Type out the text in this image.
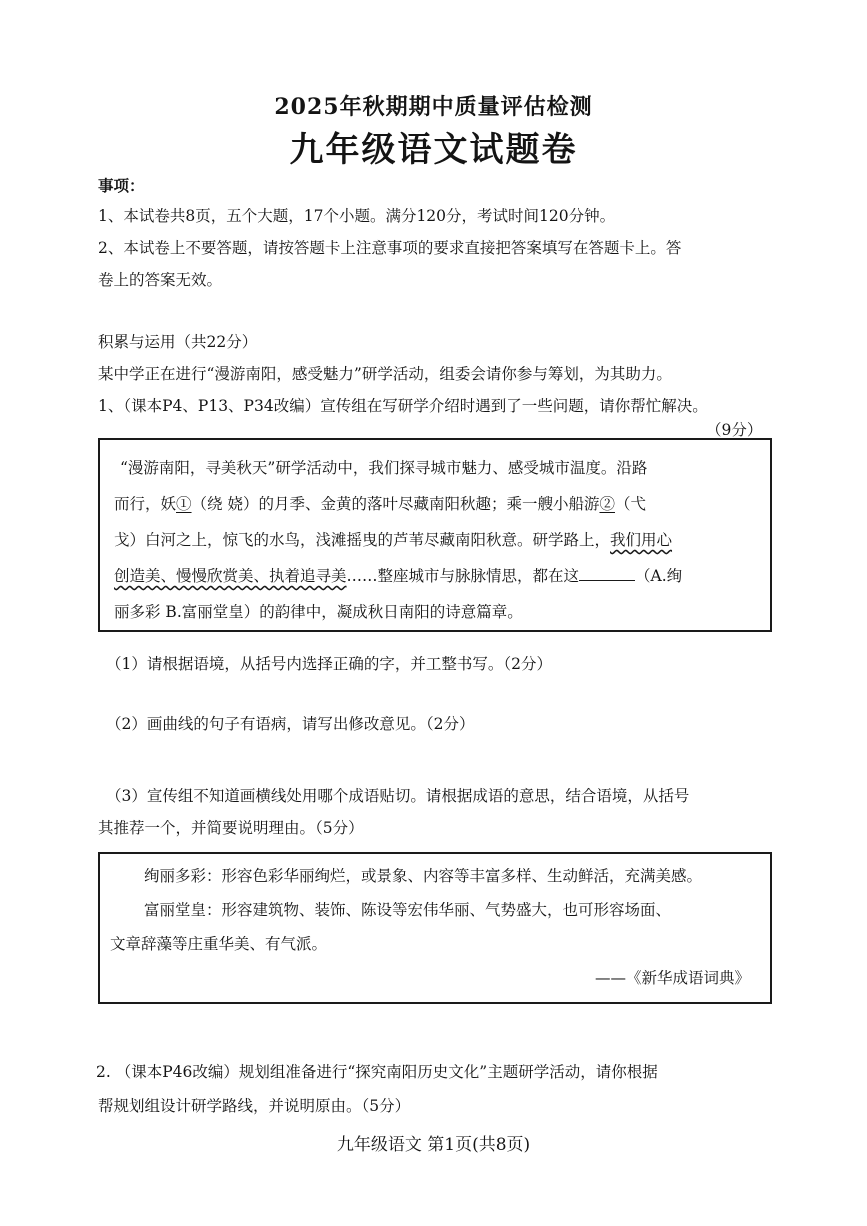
2025年秋期期中质量评估检测
九年级语文试题卷
事项：
1、本试卷共8页，五个大题，17个小题。满分120分，考试时间120分钟。
2、本试卷上不要答题，请按答题卡上注意事项的要求直接把答案填写在答题卡上。答
卷上的答案无效。
积累与运用（共22分）
某中学正在进行“漫游南阳，感受魅力”研学活动，组委会请你参与筹划，为其助力。
1、（课本P4、P13、P34改编）宣传组在写研学介绍时遇到了一些问题，请你帮忙解决。
（9分）
“漫游南阳，寻美秋天”研学活动中，我们探寻城市魅力、感受城市温度。沿路
而行，妖①（绕 娆）的月季、金黄的落叶尽藏南阳秋趣；乘一艘小船游②（弋
戈）白河之上，惊飞的水鸟，浅滩摇曳的芦苇尽藏南阳秋意。研学路上，我们用心
创造美、慢慢欣赏美、执着追寻美……整座城市与脉脉情思，都在这	（A.绚
丽多彩 B.富丽堂皇）的韵律中，凝成秋日南阳的诗意篇章。
（1）请根据语境，从括号内选择正确的字，并工整书写。（2分）
（2）画曲线的句子有语病，请写出修改意见。（2分）
（3）宣传组不知道画横线处用哪个成语贴切。请根据成语的意思，结合语境，从括号
其推荐一个，并简要说明理由。（5分）
绚丽多彩：形容色彩华丽绚烂，或景象、内容等丰富多样、生动鲜活，充满美感。
富丽堂皇：形容建筑物、装饰、陈设等宏伟华丽、气势盛大，也可形容场面、
文章辞藻等庄重华美、有气派。
——《新华成语词典》
2. （课本P46改编）规划组准备进行“探究南阳历史文化”主题研学活动，请你根据
帮规划组设计研学路线，并说明原由。（5分）
九年级语文 第1页(共8页)
